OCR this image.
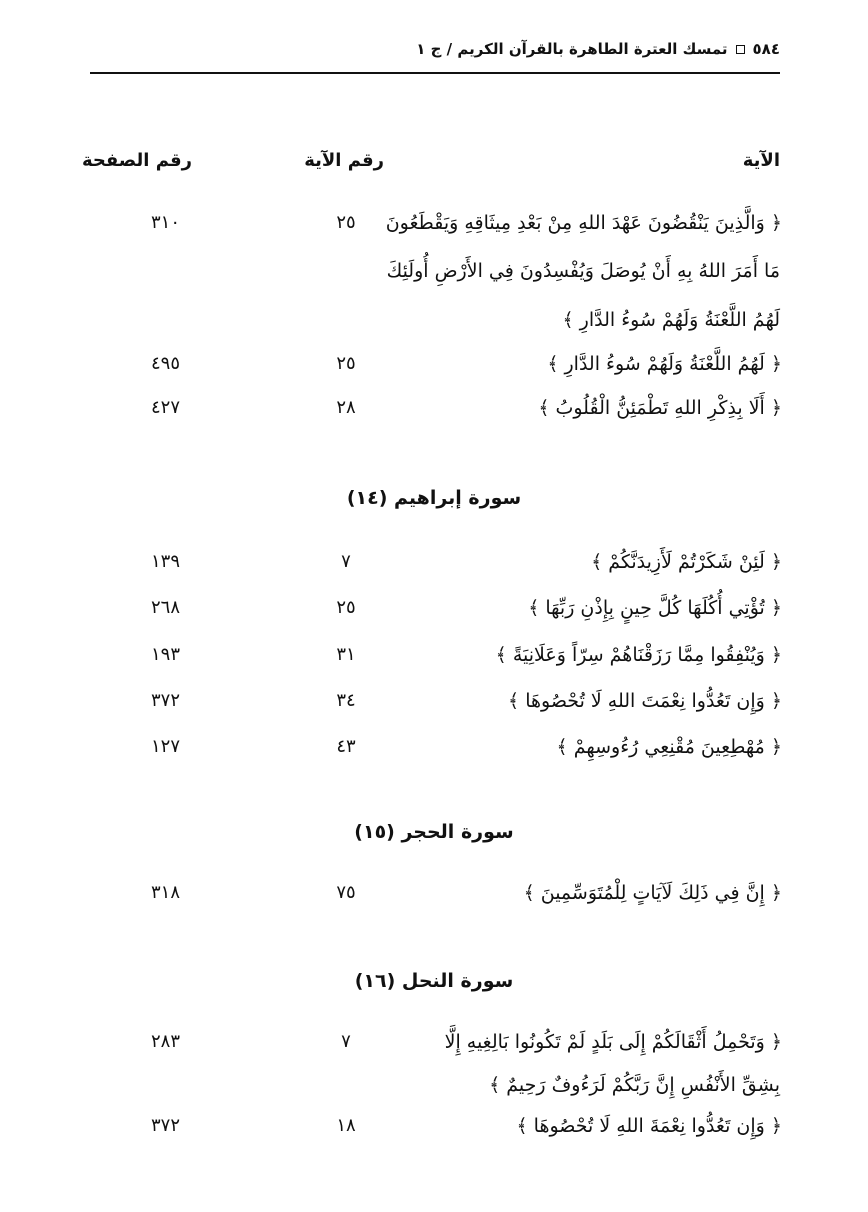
٥٨٤
تمسك العترة الطاهرة بالقرآن الكريم / ج ١
الآية
رقم الآية
رقم الصفحة
﴿ وَالَّذِينَ يَنْقُضُونَ عَهْدَ اللهِ مِنْ بَعْدِ مِيثَاقِهِ وَيَقْطَعُونَ
٢٥
٣١٠
مَا أَمَرَ اللهُ بِهِ أَنْ يُوصَلَ وَيُفْسِدُونَ فِي الأَرْضِ أُولَئِكَ
لَهُمُ اللَّعْنَةُ وَلَهُمْ سُوءُ الدَّارِ ﴾
﴿ لَهُمُ اللَّعْنَةُ وَلَهُمْ سُوءُ الدَّارِ ﴾
٢٥
٤٩٥
﴿ أَلَا بِذِكْرِ اللهِ تَطْمَئِنُّ الْقُلُوبُ ﴾
٢٨
٤٢٧
سورة إبراهيم (١٤)
﴿ لَئِنْ شَكَرْتُمْ لَأَزِيدَنَّكُمْ ﴾
٧
١٣٩
﴿ تُؤْتِي أُكُلَهَا كُلَّ حِينٍ بِإِذْنِ رَبِّهَا ﴾
٢٥
٢٦٨
﴿ وَيُنْفِقُوا مِمَّا رَزَقْنَاهُمْ سِرّاً وَعَلَانِيَةً ﴾
٣١
١٩٣
﴿ وَإِن تَعُدُّوا نِعْمَتَ اللهِ لَا تُحْصُوهَا ﴾
٣٤
٣٧٢
﴿ مُهْطِعِينَ مُقْنِعِي رُءُوسِهِمْ ﴾
٤٣
١٢٧
سورة الحجر (١٥)
﴿ إِنَّ فِي ذَلِكَ لَآيَاتٍ لِلْمُتَوَسِّمِينَ ﴾
٧٥
٣١٨
سورة النحل (١٦)
﴿ وَتَحْمِلُ أَثْقَالَكُمْ إِلَى بَلَدٍ لَمْ تَكُونُوا بَالِغِيهِ إِلَّا
٧
٢٨٣
بِشِقِّ الأَنْفُسِ إِنَّ رَبَّكُمْ لَرَءُوفٌ رَحِيمٌ ﴾
﴿ وَإِن تَعُدُّوا نِعْمَةَ اللهِ لَا تُحْصُوهَا ﴾
١٨
٣٧٢
